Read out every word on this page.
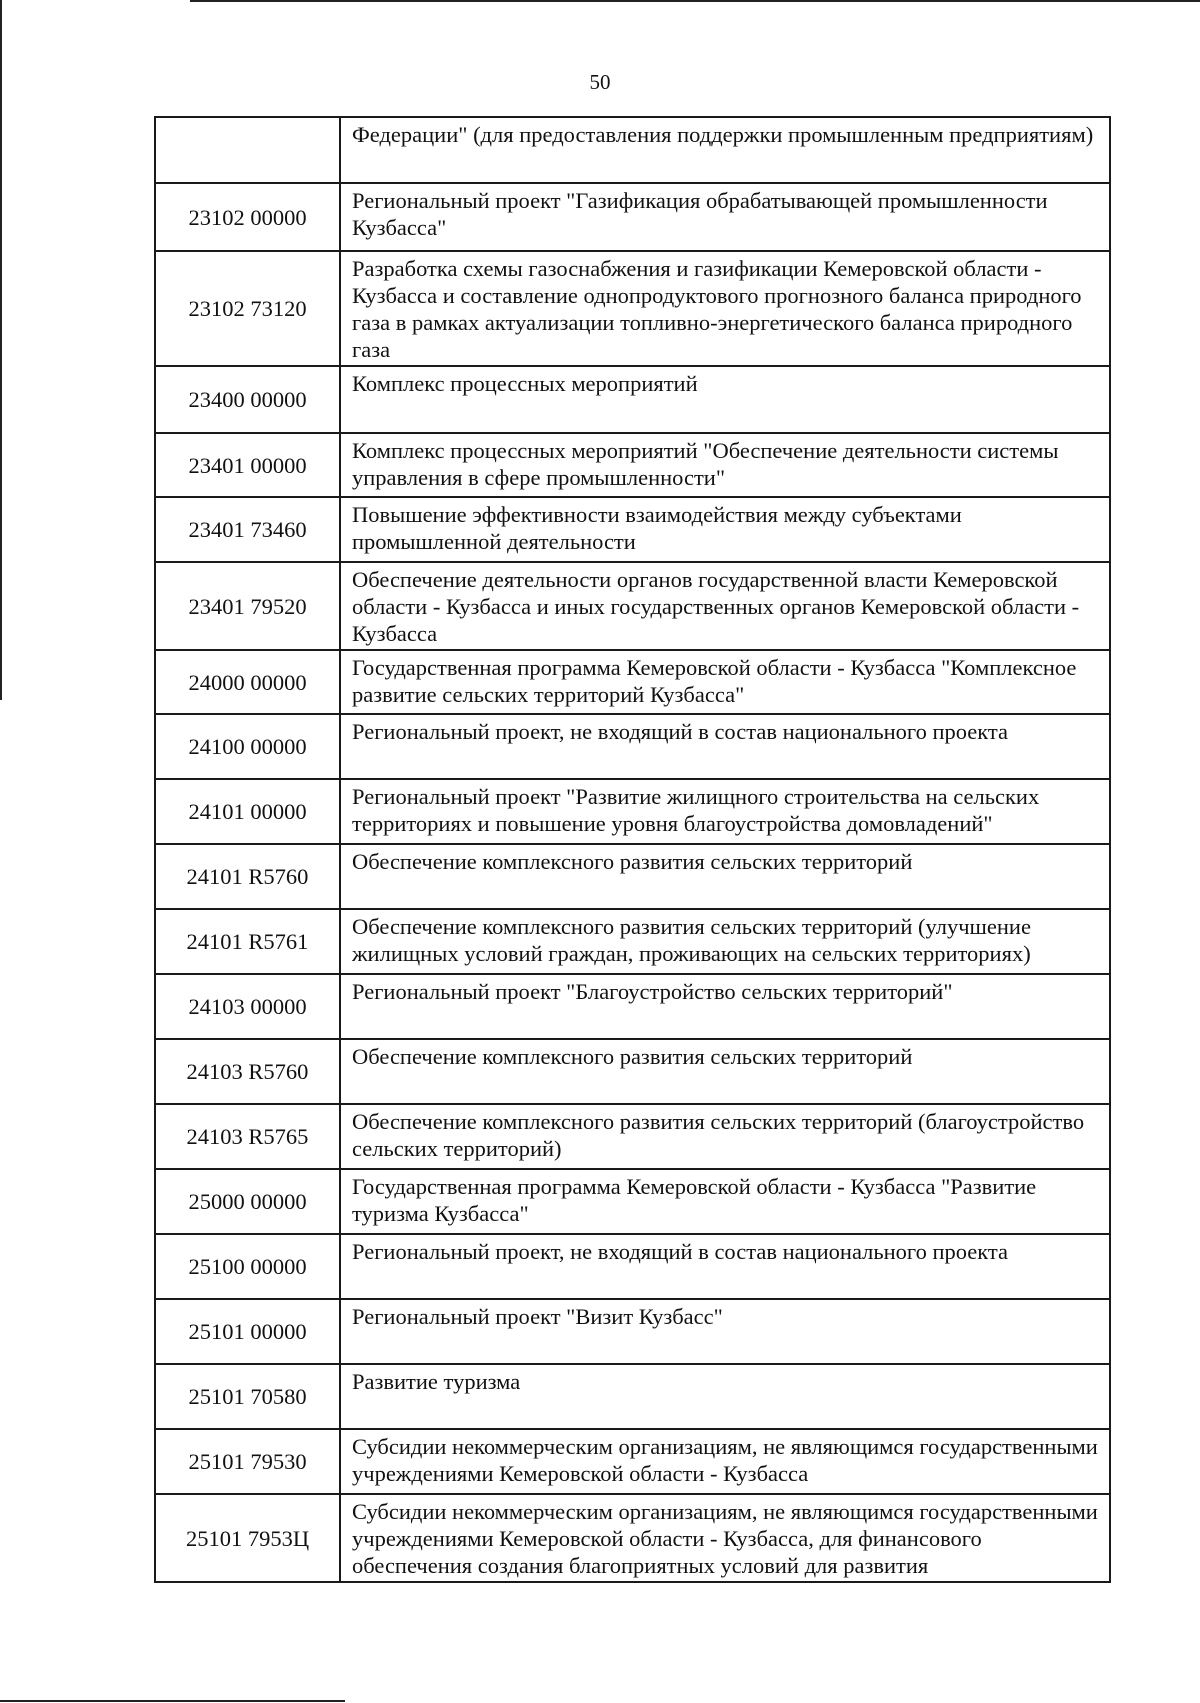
50
	Федерации" (для предоставления поддержки промышленным предприятиям)
23102 00000	Региональный проект "Газификация обрабатывающей промышленности Кузбасса"
23102 73120	Разработка схемы газоснабжения и газификации Кемеровской области - Кузбасса и составление однопродуктового прогнозного баланса природного газа в рамках актуализации топливно-энергетического баланса природного газа
23400 00000	Комплекс процессных мероприятий
23401 00000	Комплекс процессных мероприятий "Обеспечение деятельности системы управления в сфере промышленности"
23401 73460	Повышение эффективности взаимодействия между субъектами промышленной деятельности
23401 79520	Обеспечение деятельности органов государственной власти Кемеровской области - Кузбасса и иных государственных органов Кемеровской области - Кузбасса
24000 00000	Государственная программа Кемеровской области - Кузбасса "Комплексное развитие сельских территорий Кузбасса"
24100 00000	Региональный проект, не входящий в состав национального проекта
24101 00000	Региональный проект "Развитие жилищного строительства на сельских территориях и повышение уровня благоустройства домовладений"
24101 R5760	Обеспечение комплексного развития сельских территорий
24101 R5761	Обеспечение комплексного развития сельских территорий (улучшение жилищных условий граждан, проживающих на сельских территориях)
24103 00000	Региональный проект "Благоустройство сельских территорий"
24103 R5760	Обеспечение комплексного развития сельских территорий
24103 R5765	Обеспечение комплексного развития сельских территорий (благоустройство сельских территорий)
25000 00000	Государственная программа Кемеровской области - Кузбасса "Развитие туризма Кузбасса"
25100 00000	Региональный проект, не входящий в состав национального проекта
25101 00000	Региональный проект "Визит Кузбасс"
25101 70580	Развитие туризма
25101 79530	Субсидии некоммерческим организациям, не являющимся государственными учреждениями Кемеровской области - Кузбасса
25101 7953Ц	Субсидии некоммерческим организациям, не являющимся государственными учреждениями Кемеровской области - Кузбасса, для финансового обеспечения создания благоприятных условий для развития
